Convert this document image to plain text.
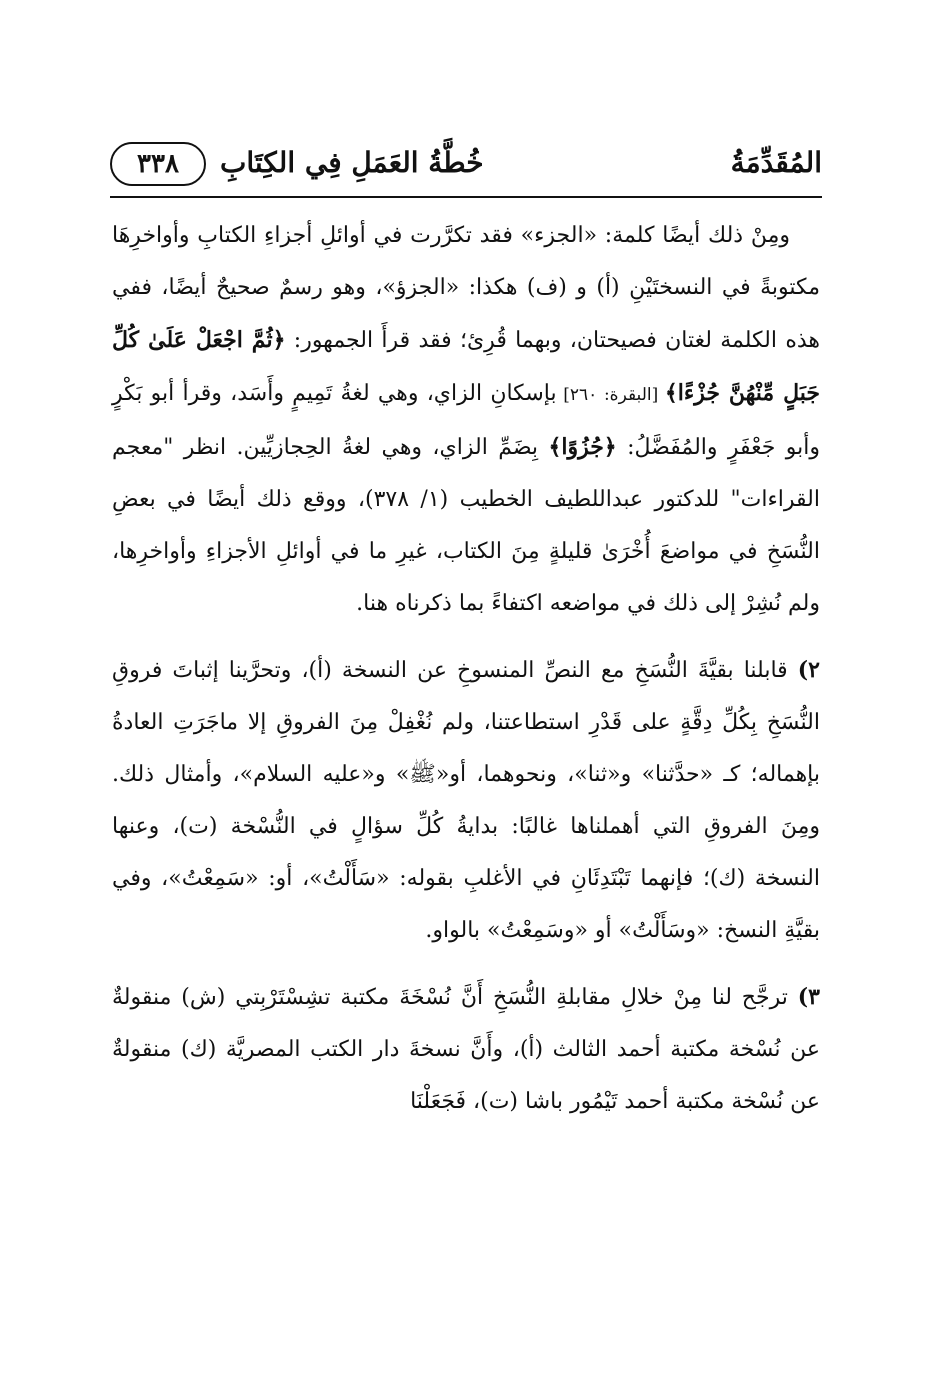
المُقَدِّمَةُ
خُطَّةُ العَمَلِ فِي الكِتَابِ
٣٣٨

ومِنْ ذلك أيضًا كلمة: «الجزء» فقد تكرَّرت في أوائلِ أجزاءِ الكتابِ وأواخرِهَا مكتوبةً في النسختَيْنِ (أ) و (ف) هكذا: «الجزؤ»، وهو رسمٌ صحيحٌ أيضًا، ففي هذه الكلمة لغتان فصيحتان، وبهما قُرِئ؛ فقد قرأَ الجمهور: ﴿ثُمَّ اجْعَلْ عَلَىٰ كُلِّ جَبَلٍ مِّنْهُنَّ جُزْءًا﴾ [البقرة: ٢٦٠] بإسكانِ الزاي، وهي لغةُ تَمِيمٍ وأَسَد، وقرأ أبو بَكْرٍ وأبو جَعْفَرٍ والمُفَضَّلُ: ﴿جُزُوًا﴾ بِضَمِّ الزاي، وهي لغةُ الحِجازيِّين. انظر "معجم القراءات" للدكتور عبداللطيف الخطيب (١/ ٣٧٨)، ووقع ذلك أيضًا في بعضِ النُّسَخِ في مواضعَ أُخْرَىٰ قليلةٍ مِنَ الكتاب، غيرِ ما في أوائلِ الأجزاءِ وأواخرِها، ولم نُشِرْ إلى ذلك في مواضعه اكتفاءً بما ذكرناه هنا.

٢) قابلنا بقيَّةَ النُّسَخِ مع النصِّ المنسوخِ عن النسخة (أ)، وتحرَّينا إثباتَ فروقِ النُّسَخِ بِكُلِّ دِقَّةٍ على قَدْرِ استطاعتنا، ولم نُغْفِلْ مِنَ الفروقِ إلا ماجَرَتِ العادةُ بإهماله؛ كـ «حدَّثنا» و«ثنا»، ونحوهما، أو«ﷺ» و«عليه السلام»، وأمثال ذلك. ومِنَ الفروقِ التي أهملناها غالبًا: بدايةُ كُلِّ سؤالٍ في النُّسْخة (ت)، وعنها النسخة (ك)؛ فإنهما تَبْتَدِئَانِ في الأغلبِ بقوله: «سَأَلْتُ»، أو: «سَمِعْتُ»، وفي بقيَّةِ النسخ: «وسَأَلْتُ» أو «وسَمِعْتُ» بالواو.

٣) ترجَّح لنا مِنْ خلالِ مقابلةِ النُّسَخِ أَنَّ نُسْخَةَ مكتبة تشِسْتَرْبِتي (ش) منقولةٌ عن نُسْخة مكتبة أحمد الثالث (أ)، وأَنَّ نسخةَ دار الكتب المصريَّة (ك) منقولةٌ عن نُسْخة مكتبة أحمد تَيْمُور باشا (ت)، فَجَعَلْنَا
